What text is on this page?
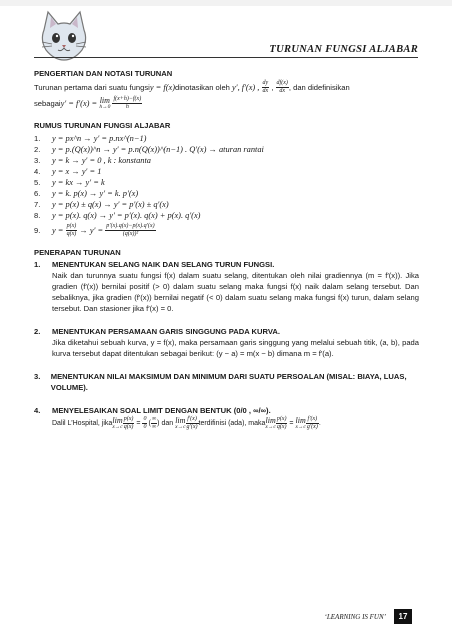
TURUNAN FUNGSI ALJABAR
PENGERTIAN DAN NOTASI TURUNAN
Turunan pertama dari suatu fungsi y = f(x) dinotasikan oleh
y′, f′(x) ,
$\frac{dy}{dx}$ , $\frac{df(x)}{dx}$ , dan didefinisikan
sebagai y′ = f′(x) =
lim
h→0
$\frac{f(x+h)-f(x)}{h}$
RUMUS TURUNAN FUNGSI ALJABAR
1.	y = px^n → y′ = p.nx^(n−1)
2.	y = p.(Q(x))^n → y′ = p.n(Q(x))^(n−1) . Q′(x) → aturan rantai
3.	y = k → y′ = 0 , k : konstanta
4.	y = x → y′ = 1
5.	y = kx → y′ = k
6.	y = k. p(x) → y′ = k. p′(x)
7.	y = p(x) ± q(x) → y′ = p′(x) ± q′(x)
8.	y = p(x). q(x) → y′ = p′(x). q(x) + p(x). q′(x)
9.	y =
$\frac{p(x)}{q(x)}$
→ y′ =
$\frac{p'(x).q(x)-p(x).q'(x)}{\text{(q(x))²}}$
PENERAPAN TURUNAN
1.	MENENTUKAN SELANG NAIK DAN SELANG TURUN FUNGSI.

Naik dan turunnya suatu fungsi f(x) dalam suatu selang, ditentukan oleh nilai gradiennya (m = f′(x)). Jika gradien (f′(x)) bernilai positif (> 0) dalam suatu selang maka fungsi f(x) naik dalam selang tersebut. Dan sebaliknya, jika gradien (f′(x)) bernilai negatif (< 0) dalam suatu selang maka fungsi f(x) turun, dalam selang tersebut. Dan stasioner jika f′(x) = 0.

2.	MENENTUKAN PERSAMAAN GARIS SINGGUNG PADA KURVA.

Jika diketahui sebuah kurva, y = f(x), maka persamaan garis singgung yang melalui sebuah titik, (a, b), pada kurva tersebut dapat ditentukan sebagai berikut: (y − a) = m(x − b) dimana m = f′(a).

3.	MENENTUKAN NILAI MAKSIMUM DAN MINIMUM DARI SUATU PERSOALAN (MISAL: BIAYA, LUAS, VOLUME).
4.	MENYELESAIKAN SOAL LIMIT DENGAN BENTUK (0/0 , ∞/∞).
Dalil L’Hospital, jika lim
$x\to c \frac{p(x)}{q(x)} = \frac{0}{0}$ ( $\frac{\infty}{\infty}$ ) dan lim
$x\to c \frac{f'(x)}{g'(x)}$ terdifinisi (ada), maka lim
$x\to c \frac{p(x)}{q(x)} = \lim$
$x\to c \frac{f'(x)}{g'(x)}$ .
‘LEARNING IS FUN’	17
